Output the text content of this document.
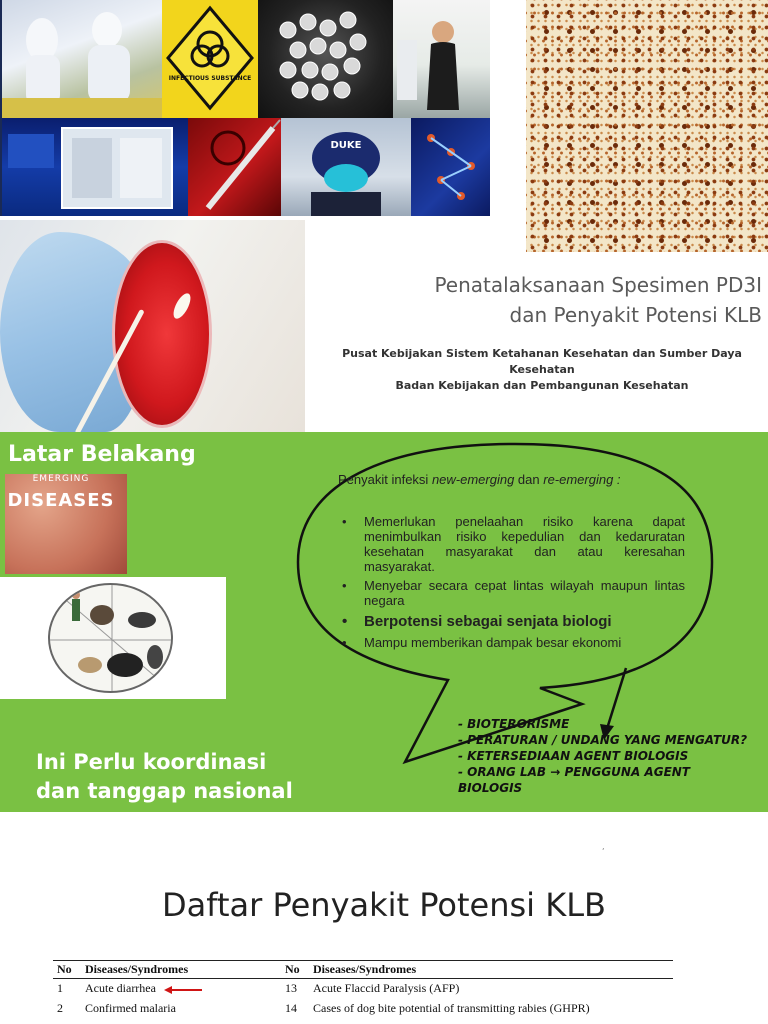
INFECTIOUS SUBSTANCE
DUKE
Penatalaksanaan Spesimen PD3I
dan Penyakit Potensi KLB
Pusat Kebijakan Sistem Ketahanan Kesehatan dan Sumber Daya
Kesehatan
Badan Kebijakan dan Pembangunan Kesehatan
Latar Belakang
EMERGING
DISEASES
Penyakit infeksi new-emerging dan re-emerging :
• Memerlukan penelaahan risiko karena dapat menimbulkan risiko kepedulian dan kedaruratan kesehatan masyarakat dan atau keresahan masyarakat.
• Menyebar secara cepat lintas wilayah maupun lintas negara
• Berpotensi sebagai senjata biologi
• Mampu memberikan dampak besar ekonomi
- BIOTERORISME
- PERATURAN / UNDANG YANG MENGATUR?
- KETERSEDIAAN AGENT BIOLOGIS
- ORANG LAB → PENGGUNA AGENT BIOLOGIS
Ini Perlu koordinasi
dan tanggap nasional
,
Daftar Penyakit Potensi KLB
No	Diseases/Syndromes	No	Diseases/Syndromes
1	Acute diarrhea	13	Acute Flaccid Paralysis (AFP)
2	Confirmed malaria	14	Cases of dog bite potential of transmitting rabies (GHPR)
